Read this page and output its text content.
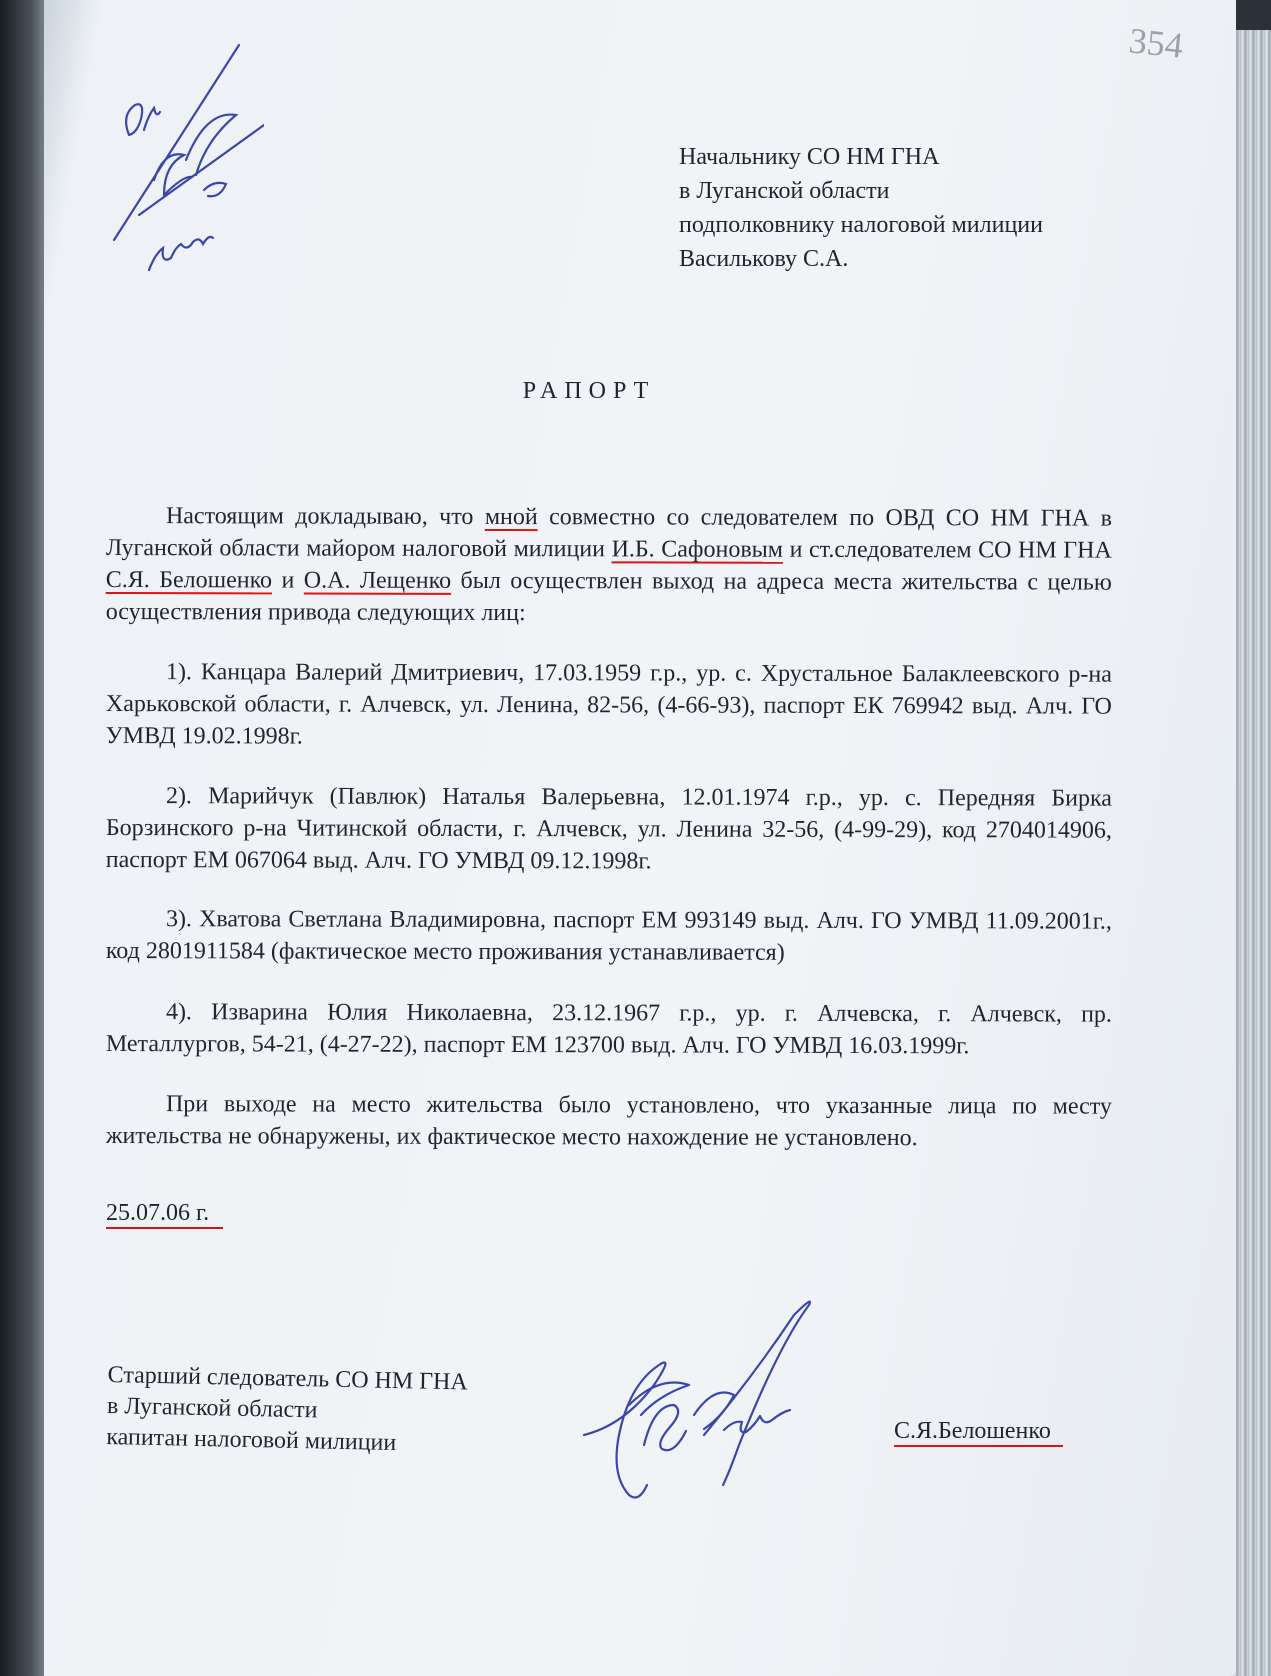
354

Начальнику СО НМ ГНА
в Луганской области
подполковнику налоговой милиции
Василькову С.А.
РАПОРТ

Настоящим докладываю, что мной совместно со следователем по ОВД СО НМ ГНА в Луганской области майором налоговой милиции И.Б. Сафоновым и ст.следователем СО НМ ГНА С.Я. Белошенко и О.А. Лещенко был осуществлен выход на адреса места жительства с целью осуществления привода следующих лиц:

1). Канцара Валерий Дмитриевич, 17.03.1959 г.р., ур. с. Хрустальное Балаклеевского р-на Харьковской области, г. Алчевск, ул. Ленина, 82-56, (4-66-93), паспорт ЕК 769942 выд. Алч. ГО УМВД 19.02.1998г.

2). Марийчук (Павлюк) Наталья Валерьевна, 12.01.1974 г.р., ур. с. Передняя Бирка Борзинского р-на Читинской области, г. Алчевск, ул. Ленина 32-56, (4-99-29), код 2704014906, паспорт ЕМ 067064 выд. Алч. ГО УМВД 09.12.1998г.

3). Хватова Светлана Владимировна, паспорт ЕМ 993149 выд. Алч. ГО УМВД 11.09.2001г., код 2801911584 (фактическое место проживания устанавливается)

4). Изварина Юлия Николаевна, 23.12.1967 г.р., ур. г. Алчевска, г. Алчевск, пр. Металлургов, 54-21, (4-27-22), паспорт ЕМ 123700 выд. Алч. ГО УМВД 16.03.1999г.

При выходе на место жительства было установлено, что указанные лица по месту жительства не обнаружены, их фактическое место нахождение не установлено.

25.07.06 г.

Старший следователь СО НМ ГНА
в Луганской области
капитан налоговой милиции	С.Я.Белошенко
